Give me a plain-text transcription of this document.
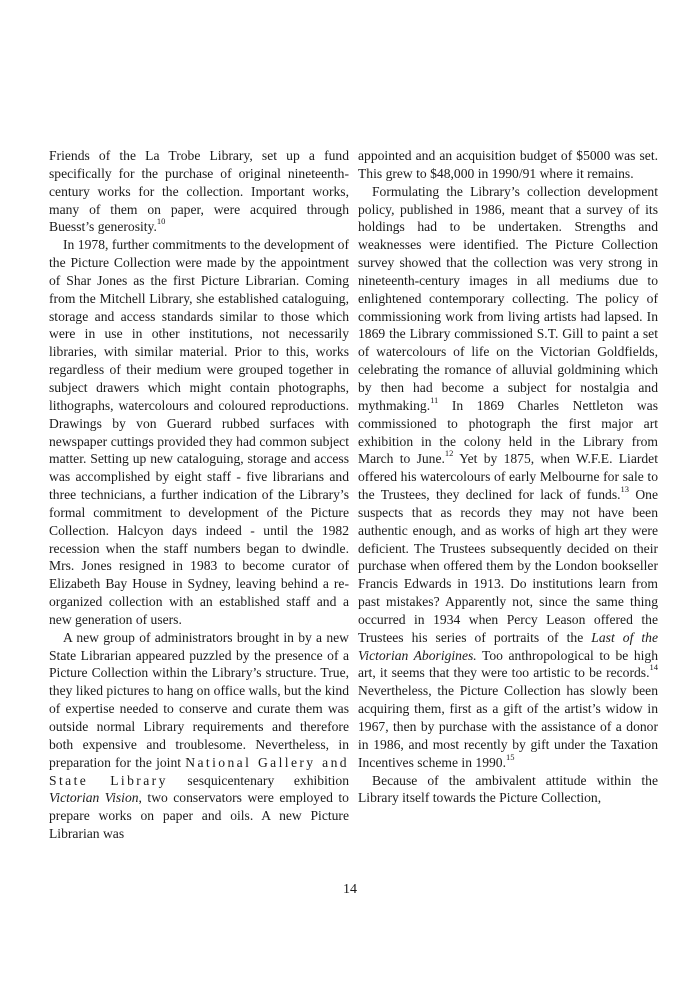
Friends of the La Trobe Library, set up a fund specifically for the purchase of original nineteenth-century works for the collection. Important works, many of them on paper, were acquired through Buesst’s generosity.$^{10}$

In 1978, further commitments to the development of the Picture Collection were made by the appointment of Shar Jones as the first Picture Librarian. Coming from the Mitchell Library, she established cataloguing, storage and access standards similar to those which were in use in other institutions, not necessarily libraries, with similar material. Prior to this, works regardless of their medium were grouped together in subject drawers which might contain photographs, lithographs, watercolours and coloured reproductions. Drawings by von Guerard rubbed surfaces with newspaper cuttings provided they had common subject matter. Setting up new cataloguing, storage and access was accomplished by eight staff - five librarians and three technicians, a further indication of the Library’s formal commitment to development of the Picture Collection. Halcyon days indeed - until the 1982 recession when the staff numbers began to dwindle. Mrs. Jones resigned in 1983 to become curator of Elizabeth Bay House in Sydney, leaving behind a re-organized collection with an established staff and a new generation of users.

A new group of administrators brought in by a new State Librarian appeared puzzled by the presence of a Picture Collection within the Library’s structure. True, they liked pictures to hang on office walls, but the kind of expertise needed to conserve and curate them was outside normal Library requirements and therefore both expensive and troublesome. Nevertheless, in preparation for the joint National Gallery and State Library sesquicentenary exhibition Victorian Vision, two conservators were employed to prepare works on paper and oils. A new Picture Librarian was

appointed and an acquisition budget of $5000 was set. This grew to $48,000 in 1990/91 where it remains.

Formulating the Library’s collection development policy, published in 1986, meant that a survey of its holdings had to be undertaken. Strengths and weaknesses were identified. The Picture Collection survey showed that the collection was very strong in nineteenth-century images in all mediums due to enlightened contemporary collecting. The policy of commissioning work from living artists had lapsed. In 1869 the Library commissioned S.T. Gill to paint a set of watercolours of life on the Victorian Goldfields, celebrating the romance of alluvial goldmining which by then had become a subject for nostalgia and mythmaking.$^{11}$ In 1869 Charles Nettleton was commissioned to photograph the first major art exhibition in the colony held in the Library from March to June.$^{12}$ Yet by 1875, when W.F.E. Liardet offered his watercolours of early Melbourne for sale to the Trustees, they declined for lack of funds.$^{13}$ One suspects that as records they may not have been authentic enough, and as works of high art they were deficient. The Trustees subsequently decided on their purchase when offered them by the London bookseller Francis Edwards in 1913. Do institutions learn from past mistakes? Apparently not, since the same thing occurred in 1934 when Percy Leason offered the Trustees his series of portraits of the Last of the Victorian Aborigines. Too anthropological to be high art, it seems that they were too artistic to be records.$^{14}$ Nevertheless, the Picture Collection has slowly been acquiring them, first as a gift of the artist’s widow in 1967, then by purchase with the assistance of a donor in 1986, and most recently by gift under the Taxation Incentives scheme in 1990.15

Because of the ambivalent attitude within the Library itself towards the Picture Collection,

14
